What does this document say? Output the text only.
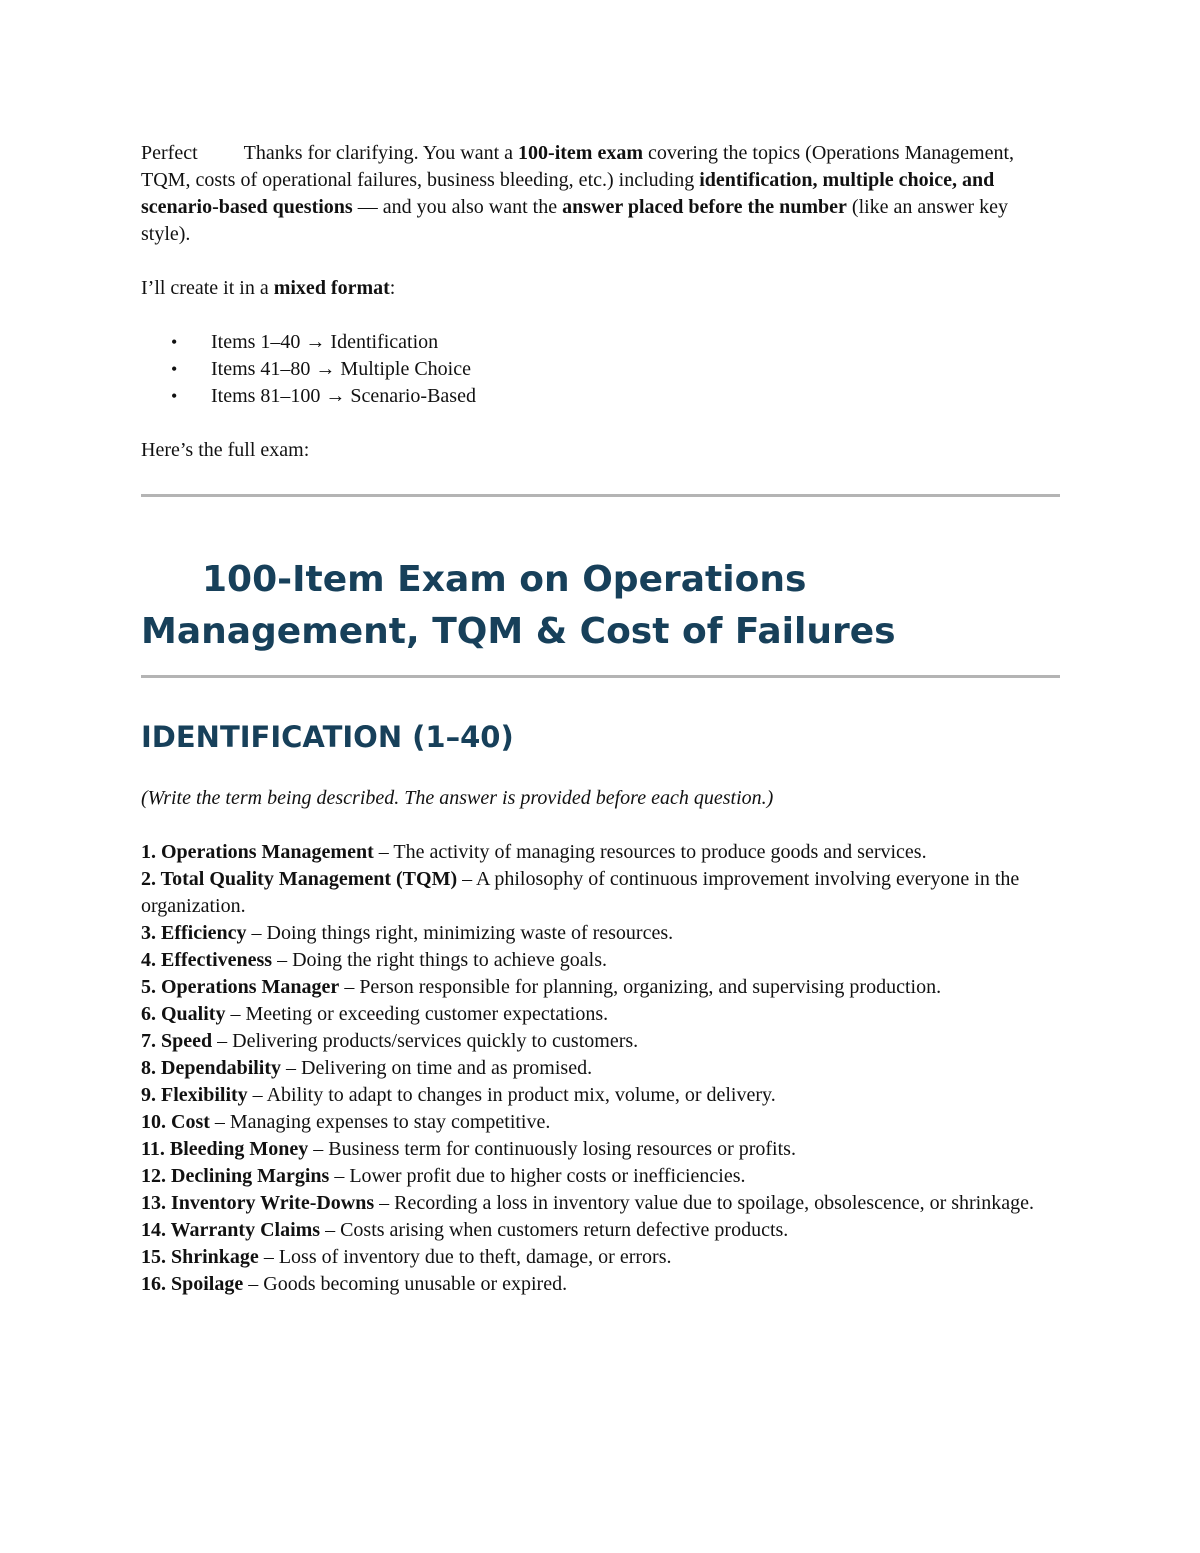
Perfect Thanks for clarifying. You want a 100-item exam covering the topics (Operations Management, TQM, costs of operational failures, business bleeding, etc.) including identification, multiple choice, and scenario-based questions — and you also want the answer placed before the number (like an answer key style).

I’ll create it in a mixed format:

• Items 1–40 → Identification
• Items 41–80 → Multiple Choice
• Items 81–100 → Scenario-Based

Here’s the full exam:

100-Item Exam on Operations
Management, TQM & Cost of Failures
IDENTIFICATION (1–40)

(Write the term being described. The answer is provided before each question.)

1. Operations Management – The activity of managing resources to produce goods and services.

2. Total Quality Management (TQM) – A philosophy of continuous improvement involving everyone in the organization.

3. Efficiency – Doing things right, minimizing waste of resources.

4. Effectiveness – Doing the right things to achieve goals.

5. Operations Manager – Person responsible for planning, organizing, and supervising production.

6. Quality – Meeting or exceeding customer expectations.

7. Speed – Delivering products/services quickly to customers.

8. Dependability – Delivering on time and as promised.

9. Flexibility – Ability to adapt to changes in product mix, volume, or delivery.

10. Cost – Managing expenses to stay competitive.

11. Bleeding Money – Business term for continuously losing resources or profits.

12. Declining Margins – Lower profit due to higher costs or inefficiencies.

13. Inventory Write-Downs – Recording a loss in inventory value due to spoilage, obsolescence, or shrinkage.

14. Warranty Claims – Costs arising when customers return defective products.

15. Shrinkage – Loss of inventory due to theft, damage, or errors.

16. Spoilage – Goods becoming unusable or expired.
